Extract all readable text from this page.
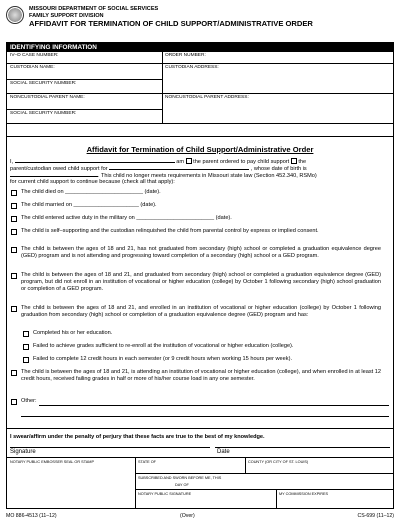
MISSOURI DEPARTMENT OF SOCIAL SERVICES
FAMILY SUPPORT DIVISION
AFFIDAVIT FOR TERMINATION OF CHILD SUPPORT/ADMINISTRATIVE ORDER
IDENTIFYING INFORMATION
IV–D CASE NUMBER:	ORDER NUMBER:
CUSTODIAN NAME:	CUSTODIAN ADDRESS:
SOCIAL SECURITY NUMBER:
NONCUSTODIAL PARENT NAME:	NONCUSTODIAL PARENT ADDRESS:
SOCIAL SECURITY NUMBER:
Affidavit for Termination of Child Support/Administrative Order
I,	am the parent ordered to pay child support the
parent/custodian owed child support for	, whose date of birth is
. This child no longer meets requirements in Missouri state law (Section 452.340, RSMo)
for current child support to continue because (check all that apply):
The child died on _________________________ (date).
The child married on _____________________ (date).
The child entered active duty in the military on _________________________ (date).
The child is self–supporting and the custodian relinquished the child from parental control by express or implied consent.
The child is between the ages of 18 and 21, has not graduated from secondary (high) school or completed a graduation equivalence degree (GED) program and is not attending and progressing toward completion of a secondary (high) school or a GED program.
The child is between the ages of 18 and 21, and graduated from secondary (high) school or completed a graduation equivalence degree (GED) program, but did not enroll in an institution of vocational or higher education (college) by October 1 following secondary (high) school graduation or completion of a GED program.
The child is between the ages of 18 and 21, and enrolled in an institution of vocational or higher education (college) by October 1 following graduation from secondary (high) school or completion of a graduation equivalence degree (GED) program and has:
Completed his or her education.
Failed to achieve grades sufficient to re-enroll at the institution of vocational or higher education (college).
Failed to complete 12 credit hours in each semester (or 9 credit hours when working 15 hours per week).
The child is between the ages of 18 and 21, is attending an institution of vocational or higher education (college), and when enrolled in at least 12 credit hours, received failing grades in half or more of his/her course load in any one semester.
Other:
I swear/affirm under the penalty of perjury that these facts are true to the best of my knowledge.
Signature	Date
NOTARY PUBLIC EMBOSSER SEAL OR STAMP	STATE OF	COUNTY (OR CITY OF ST. LOUIS)
SUBSCRIBED AND SWORN BEFORE ME, THIS
DAY OF
NOTARY PUBLIC SIGNATURE	MY COMMISSION EXPIRES
MO 886-4513 (11–12)	(Over)	CS-699 (11–12)
